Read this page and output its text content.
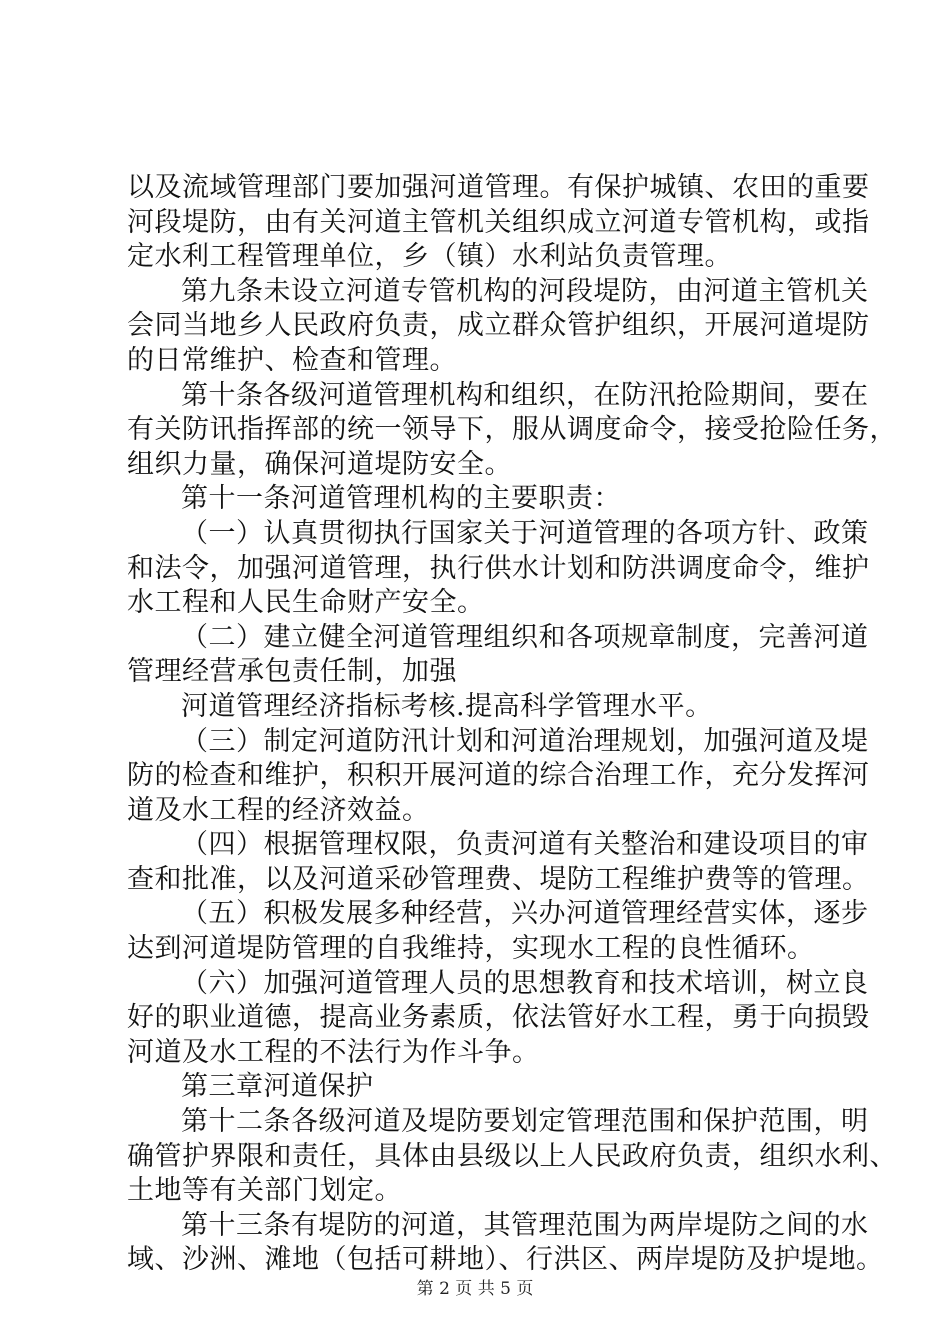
以及流域管理部门要加强河道管理。有保护城镇、农田的重要
河段堤防，由有关河道主管机关组织成立河道专管机构，或指
定水利工程管理单位，乡（镇）水利站负责管理。
第九条未设立河道专管机构的河段堤防，由河道主管机关
会同当地乡人民政府负责，成立群众管护组织，开展河道堤防
的日常维护、检查和管理。
第十条各级河道管理机构和组织，在防汛抢险期间，要在
有关防讯指挥部的统一领导下，服从调度命令，接受抢险任务，
组织力量，确保河道堤防安全。
第十一条河道管理机构的主要职责：
（一）认真贯彻执行国家关于河道管理的各项方针、政策
和法令，加强河道管理，执行供水计划和防洪调度命令，维护
水工程和人民生命财产安全。
（二）建立健全河道管理组织和各项规章制度，完善河道
管理经营承包责任制，加强
河道管理经济指标考核.提高科学管理水平。
（三）制定河道防汛计划和河道治理规划，加强河道及堤
防的检查和维护，积积开展河道的综合治理工作，充分发挥河
道及水工程的经济效益。
（四）根据管理权限，负责河道有关整治和建设项目的审
查和批准，以及河道采砂管理费、堤防工程维护费等的管理。
（五）积极发展多种经营，兴办河道管理经营实体，逐步
达到河道堤防管理的自我维持，实现水工程的良性循环。
（六）加强河道管理人员的思想教育和技术培训，树立良
好的职业道德，提高业务素质，依法管好水工程，勇于向损毁
河道及水工程的不法行为作斗争。
第三章河道保护
第十二条各级河道及堤防要划定管理范围和保护范围，明
确管护界限和责任，具体由县级以上人民政府负责，组织水利、
土地等有关部门划定。
第十三条有堤防的河道，其管理范围为两岸堤防之间的水
域、沙洲、滩地（包括可耕地）、行洪区、两岸堤防及护堤地。
第 2 页 共 5 页
